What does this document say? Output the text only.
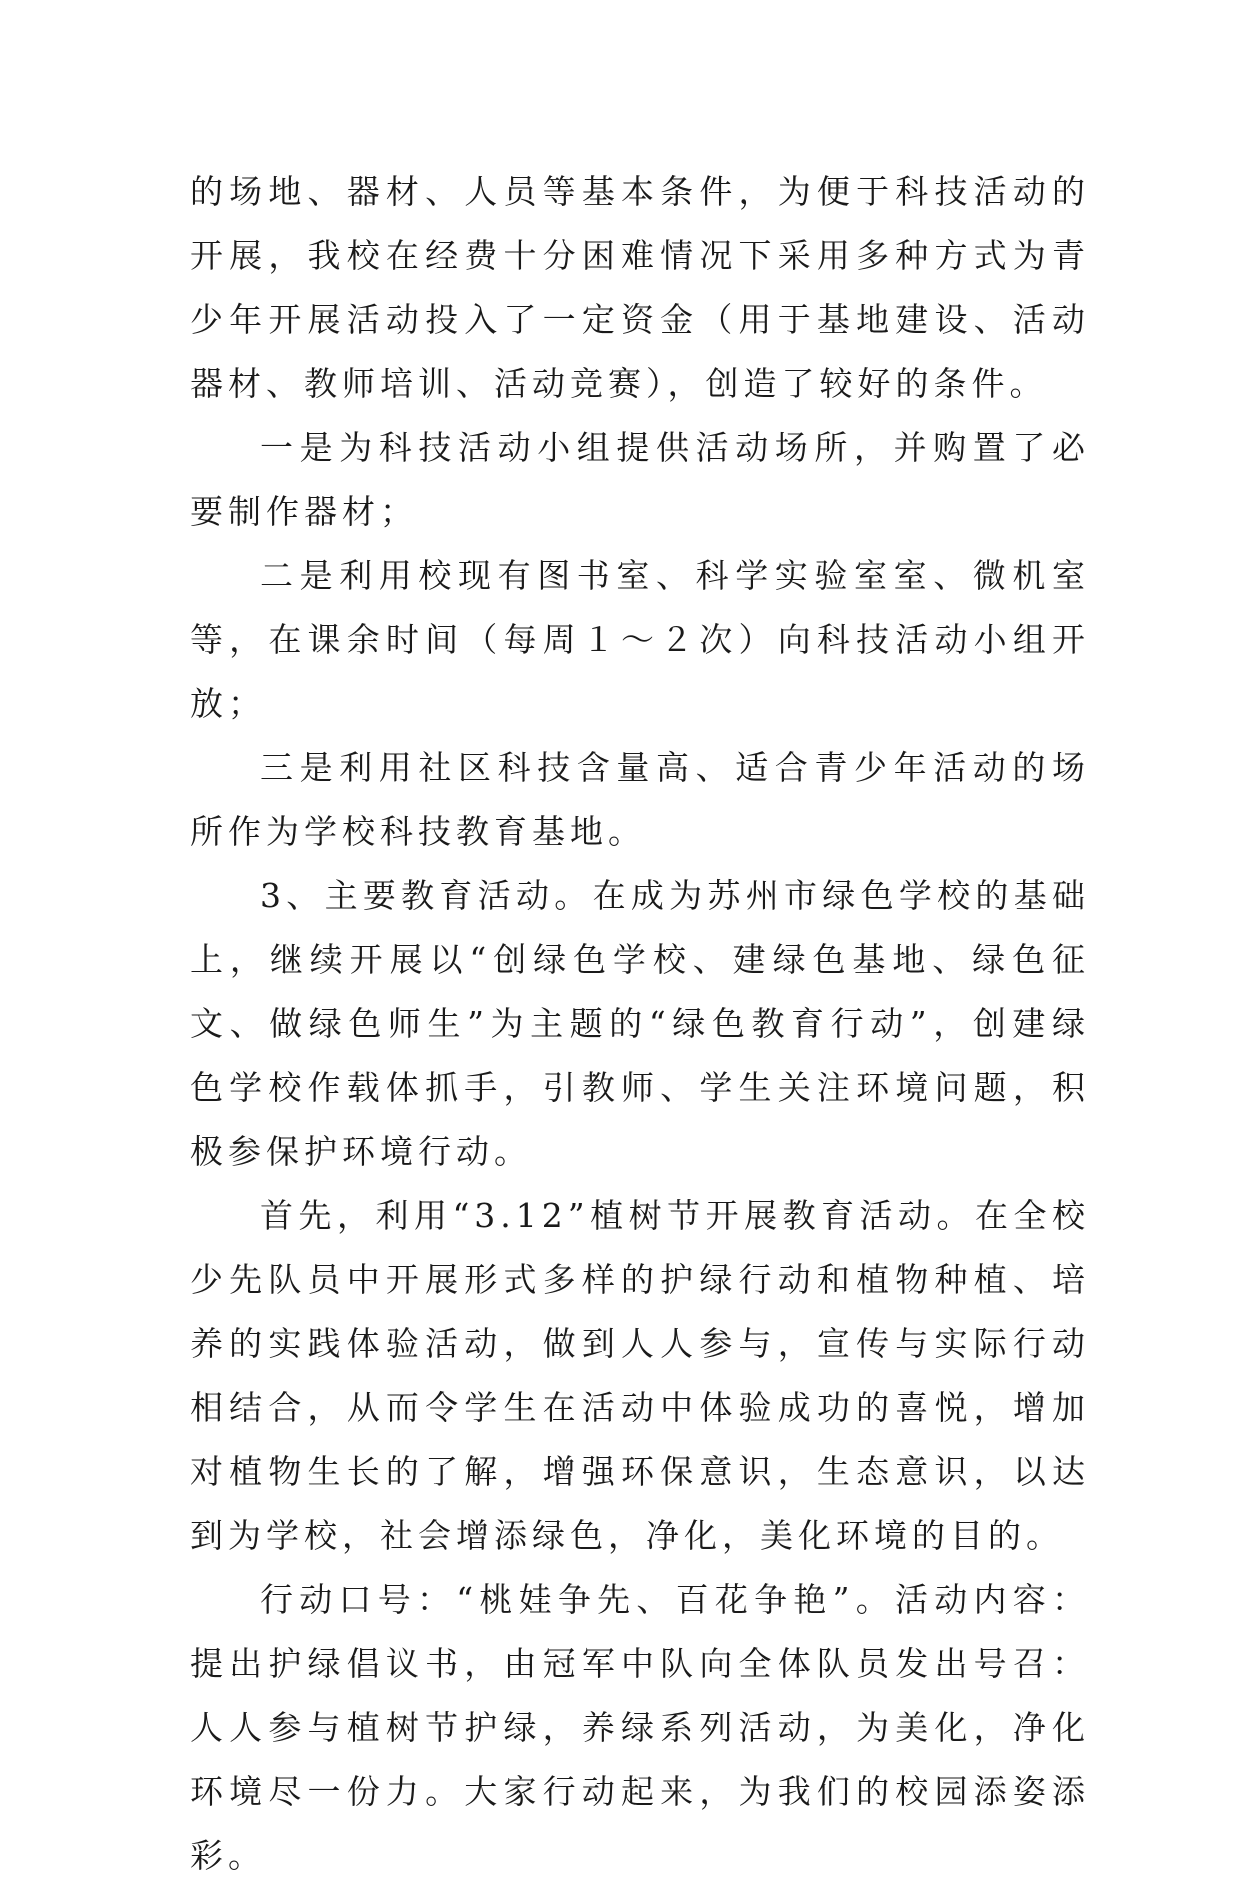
的场地、器材、人员等基本条件，为便于科技活动的开展，我校在经费十分困难情况下采用多种方式为青少年开展活动投入了一定资金（用于基地建设、活动器材、教师培训、活动竞赛），创造了较好的条件。

一是为科技活动小组提供活动场所，并购置了必要制作器材；

二是利用校现有图书室、科学实验室室、微机室等，在课余时间（每周１～２次）向科技活动小组开放；

三是利用社区科技含量高、适合青少年活动的场所作为学校科技教育基地。

3、主要教育活动。在成为苏州市绿色学校的基础上，继续开展以“创绿色学校、建绿色基地、绿色征文、做绿色师生”为主题的“绿色教育行动”，创建绿色学校作载体抓手，引教师、学生关注环境问题，积极参保护环境行动。

首先，利用“3.12”植树节开展教育活动。在全校少先队员中开展形式多样的护绿行动和植物种植、培养的实践体验活动，做到人人参与，宣传与实际行动相结合，从而令学生在活动中体验成功的喜悦，增加对植物生长的了解，增强环保意识，生态意识，以达到为学校，社会增添绿色，净化，美化环境的目的。

行动口号：“桃娃争先、百花争艳”。活动内容：提出护绿倡议书，由冠军中队向全体队员发出号召：人人参与植树节护绿，养绿系列活动，为美化，净化环境尽一份力。大家行动起来，为我们的校园添姿添彩。
